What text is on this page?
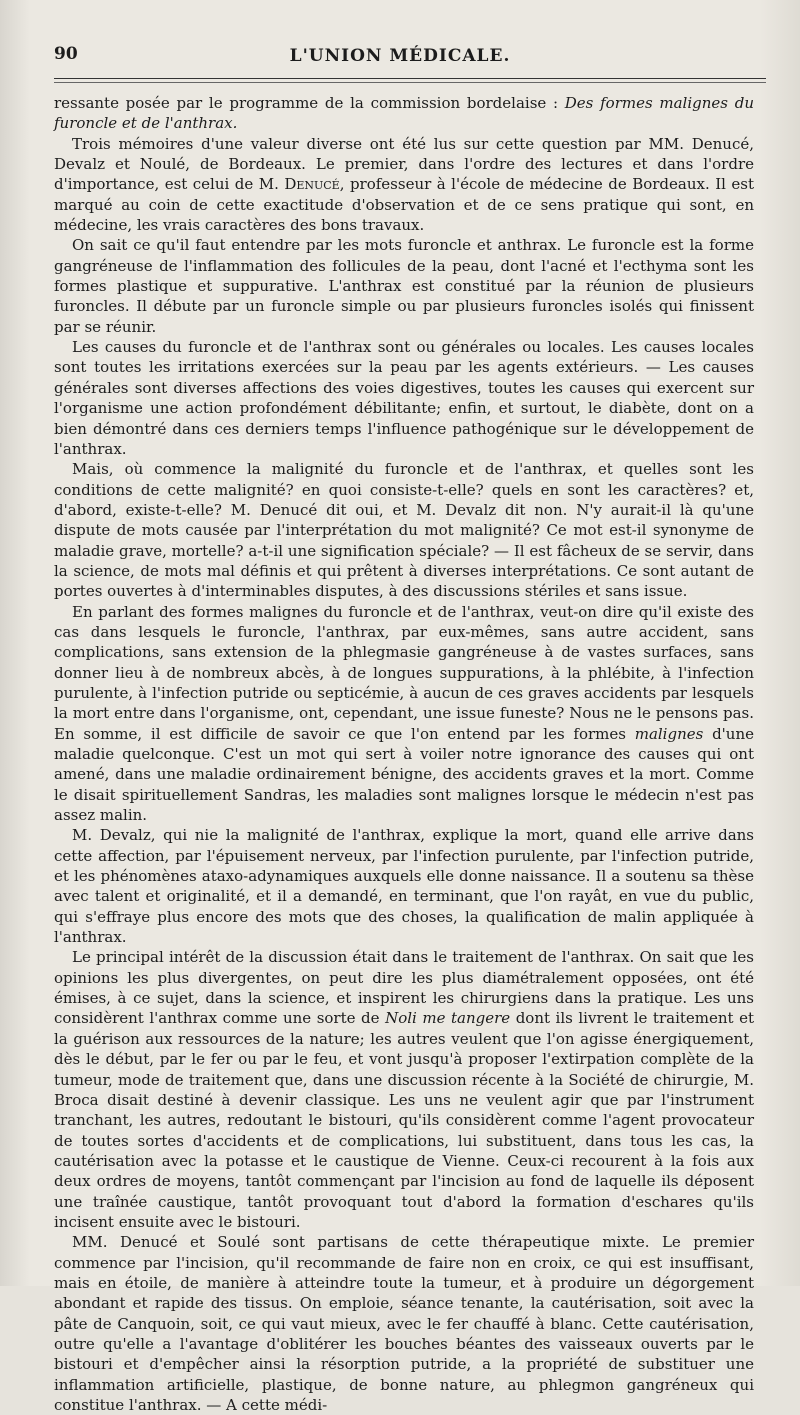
90	L'UNION MÉDICALE.

ressante posée par le programme de la commission bordelaise : Des formes malignes du furoncle et de l'anthrax.

Trois mémoires d'une valeur diverse ont été lus sur cette question par MM. Denucé, Devalz et Noulé, de Bordeaux. Le premier, dans l'ordre des lectures et dans l'ordre d'importance, est celui de M. Denucé, professeur à l'école de médecine de Bordeaux. Il est marqué au coin de cette exactitude d'observation et de ce sens pratique qui sont, en médecine, les vrais caractères des bons travaux.

On sait ce qu'il faut entendre par les mots furoncle et anthrax. Le furoncle est la forme gangréneuse de l'inflammation des follicules de la peau, dont l'acné et l'ecthyma sont les formes plastique et suppurative. L'anthrax est constitué par la réunion de plusieurs furoncles. Il débute par un furoncle simple ou par plusieurs furoncles isolés qui finissent par se réunir.

Les causes du furoncle et de l'anthrax sont ou générales ou locales. Les causes locales sont toutes les irritations exercées sur la peau par les agents extérieurs. — Les causes générales sont diverses affections des voies digestives, toutes les causes qui exercent sur l'organisme une action profondément débilitante; enfin, et surtout, le diabète, dont on a bien démontré dans ces derniers temps l'influence pathogénique sur le développement de l'anthrax.

Mais, où commence la malignité du furoncle et de l'anthrax, et quelles sont les conditions de cette malignité? en quoi consiste-t-elle? quels en sont les caractères? et, d'abord, existe-t-elle? M. Denucé dit oui, et M. Devalz dit non. N'y aurait-il là qu'une dispute de mots causée par l'interprétation du mot malignité? Ce mot est-il synonyme de maladie grave, mortelle? a-t-il une signification spéciale? — Il est fâcheux de se servir, dans la science, de mots mal définis et qui prêtent à diverses interprétations. Ce sont autant de portes ouvertes à d'interminables disputes, à des discussions stériles et sans issue.

En parlant des formes malignes du furoncle et de l'anthrax, veut-on dire qu'il existe des cas dans lesquels le furoncle, l'anthrax, par eux-mêmes, sans autre accident, sans complications, sans extension de la phlegmasie gangréneuse à de vastes surfaces, sans donner lieu à de nombreux abcès, à de longues suppurations, à la phlébite, à l'infection purulente, à l'infection putride ou septicémie, à aucun de ces graves accidents par lesquels la mort entre dans l'organisme, ont, cependant, une issue funeste? Nous ne le pensons pas. En somme, il est difficile de savoir ce que l'on entend par les formes malignes d'une maladie quelconque. C'est un mot qui sert à voiler notre ignorance des causes qui ont amené, dans une maladie ordinairement bénigne, des accidents graves et la mort. Comme le disait spirituellement Sandras, les maladies sont malignes lorsque le médecin n'est pas assez malin.

M. Devalz, qui nie la malignité de l'anthrax, explique la mort, quand elle arrive dans cette affection, par l'épuisement nerveux, par l'infection purulente, par l'infection putride, et les phénomènes ataxo-adynamiques auxquels elle donne naissance. Il a soutenu sa thèse avec talent et originalité, et il a demandé, en terminant, que l'on rayât, en vue du public, qui s'effraye plus encore des mots que des choses, la qualification de malin appliquée à l'anthrax.

Le principal intérêt de la discussion était dans le traitement de l'anthrax. On sait que les opinions les plus divergentes, on peut dire les plus diamétralement opposées, ont été émises, à ce sujet, dans la science, et inspirent les chirurgiens dans la pratique. Les uns considèrent l'anthrax comme une sorte de Noli me tangere dont ils livrent le traitement et la guérison aux ressources de la nature; les autres veulent que l'on agisse énergiquement, dès le début, par le fer ou par le feu, et vont jusqu'à proposer l'extirpation complète de la tumeur, mode de traitement que, dans une discussion récente à la Société de chirurgie, M. Broca disait destiné à devenir classique. Les uns ne veulent agir que par l'instrument tranchant, les autres, redoutant le bistouri, qu'ils considèrent comme l'agent provocateur de toutes sortes d'accidents et de complications, lui substituent, dans tous les cas, la cautérisation avec la potasse et le caustique de Vienne. Ceux-ci recourent à la fois aux deux ordres de moyens, tantôt commençant par l'incision au fond de laquelle ils déposent une traînée caustique, tantôt provoquant tout d'abord la formation d'eschares qu'ils incisent ensuite avec le bistouri.

MM. Denucé et Soulé sont partisans de cette thérapeutique mixte. Le premier commence par l'incision, qu'il recommande de faire non en croix, ce qui est insuffisant, mais en étoile, de manière à atteindre toute la tumeur, et à produire un dégorgement abondant et rapide des tissus. On emploie, séance tenante, la cautérisation, soit avec la pâte de Canquoin, soit, ce qui vaut mieux, avec le fer chauffé à blanc. Cette cautérisation, outre qu'elle a l'avantage d'oblitérer les bouches béantes des vaisseaux ouverts par le bistouri et d'empêcher ainsi la résorption putride, a la propriété de substituer une inflammation artificielle, plastique, de bonne nature, au phlegmon gangréneux qui constitue l'anthrax. — A cette médi-
